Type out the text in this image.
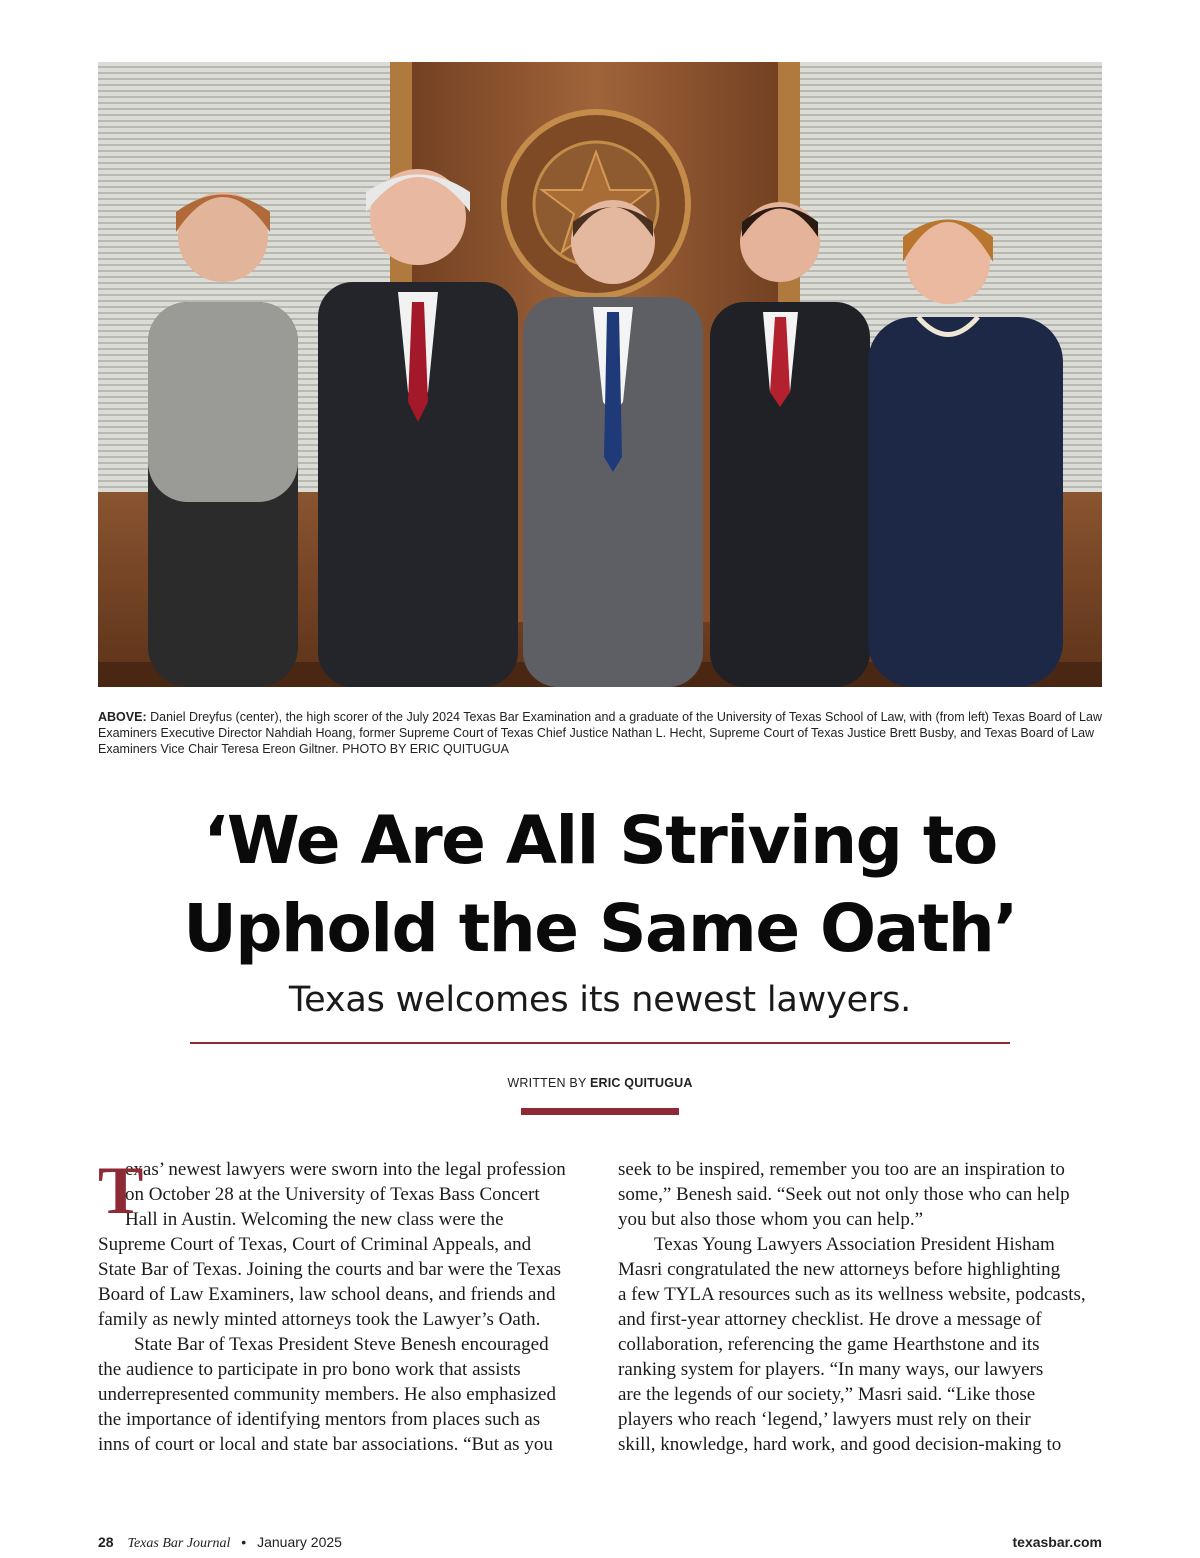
ABOVE: Daniel Dreyfus (center), the high scorer of the July 2024 Texas Bar Examination and a graduate of the University of Texas School of Law, with (from left) Texas Board of Law Examiners Executive Director Nahdiah Hoang, former Supreme Court of Texas Chief Justice Nathan L. Hecht, Supreme Court of Texas Justice Brett Busby, and Texas Board of Law Examiners Vice Chair Teresa Ereon Giltner. PHOTO BY ERIC QUITUGUA
‘We Are All Striving to
Uphold the Same Oath’
Texas welcomes its newest lawyers.
WRITTEN BY ERIC QUITUGUA
T
exas’ newest lawyers were sworn into the legal profession
on October 28 at the University of Texas Bass Concert
Hall in Austin. Welcoming the new class were the

Supreme Court of Texas, Court of Criminal Appeals, and
State Bar of Texas. Joining the courts and bar were the Texas
Board of Law Examiners, law school deans, and friends and
family as newly minted attorneys took the Lawyer’s Oath.

State Bar of Texas President Steve Benesh encouraged
the audience to participate in pro bono work that assists
underrepresented community members. He also emphasized
the importance of identifying mentors from places such as
inns of court or local and state bar associations. “But as you

seek to be inspired, remember you too are an inspiration to
some,” Benesh said. “Seek out not only those who can help
you but also those whom you can help.”

Texas Young Lawyers Association President Hisham
Masri congratulated the new attorneys before highlighting
a few TYLA resources such as its wellness website, podcasts,
and first-year attorney checklist. He drove a message of
collaboration, referencing the game Hearthstone and its
ranking system for players. “In many ways, our lawyers
are the legends of our society,” Masri said. “Like those
players who reach ‘legend,’ lawyers must rely on their
skill, knowledge, hard work, and good decision-making to

28 Texas Bar Journal • January 2025	texasbar.com
